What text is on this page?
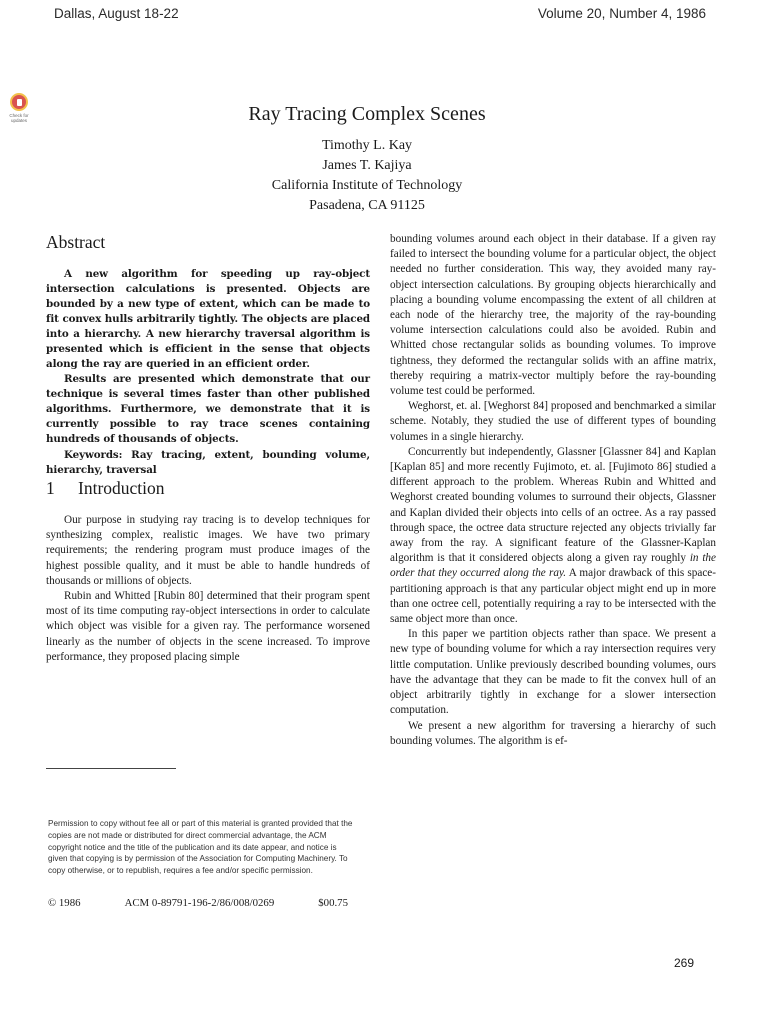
Dallas, August 18-22	Volume 20, Number 4, 1986
Check for updates	Ray Tracing Complex Scenes
Timothy L. Kay
James T. Kajiya
California Institute of Technology
Pasadena, CA 91125
Abstract

A new algorithm for speeding up ray-object intersection calculations is presented. Objects are bounded by a new type of extent, which can be made to fit convex hulls arbitrarily tightly. The objects are placed into a hierarchy. A new hierarchy traversal algorithm is presented which is efficient in the sense that objects along the ray are queried in an efficient order.

Results are presented which demonstrate that our technique is several times faster than other published algorithms. Furthermore, we demonstrate that it is currently possible to ray trace scenes containing hundreds of thousands of objects.

Keywords: Ray tracing, extent, bounding volume, hierarchy, traversal

1 Introduction

Our purpose in studying ray tracing is to develop techniques for synthesizing complex, realistic images. We have two primary requirements; the rendering program must produce images of the highest possible quality, and it must be able to handle hundreds of thousands or millions of objects.

Rubin and Whitted [Rubin 80] determined that their program spent most of its time computing ray-object intersections in order to calculate which object was visible for a given ray. The performance worsened linearly as the number of objects in the scene increased. To improve performance, they proposed placing simple

bounding volumes around each object in their database. If a given ray failed to intersect the bounding volume for a particular object, the object needed no further consideration. This way, they avoided many ray-object intersection calculations. By grouping objects hierarchically and placing a bounding volume encompassing the extent of all children at each node of the hierarchy tree, the majority of the ray-bounding volume intersection calculations could also be avoided. Rubin and Whitted chose rectangular solids as bounding volumes. To improve tightness, they deformed the rectangular solids with an affine matrix, thereby requiring a matrix-vector multiply before the ray-bounding volume test could be performed.

Weghorst, et. al. [Weghorst 84] proposed and benchmarked a similar scheme. Notably, they studied the use of different types of bounding volumes in a single hierarchy.

Concurrently but independently, Glassner [Glassner 84] and Kaplan [Kaplan 85] and more recently Fujimoto, et. al. [Fujimoto 86] studied a different approach to the problem. Whereas Rubin and Whitted and Weghorst created bounding volumes to surround their objects, Glassner and Kaplan divided their objects into cells of an octree. As a ray passed through space, the octree data structure rejected any objects trivially far away from the ray. A significant feature of the Glassner-Kaplan algorithm is that it considered objects along a given ray roughly in the order that they occurred along the ray. A major drawback of this space-partitioning approach is that any particular object might end up in more than one octree cell, potentially requiring a ray to be intersected with the same object more than once.

In this paper we partition objects rather than space. We present a new type of bounding volume for which a ray intersection requires very little computation. Unlike previously described bounding volumes, ours have the advantage that they can be made to fit the convex hull of an object arbitrarily tightly in exchange for a slower intersection computation.

We present a new algorithm for traversing a hierarchy of such bounding volumes. The algorithm is ef-

Permission to copy without fee all or part of this material is granted provided that the copies are not made or distributed for direct commercial advantage, the ACM copyright notice and the title of the publication and its date appear, and notice is given that copying is by permission of the Association for Computing Machinery. To copy otherwise, or to republish, requires a fee and/or specific permission.
© 1986	ACM 0-89791-196-2/86/008/0269	$00.75
269
